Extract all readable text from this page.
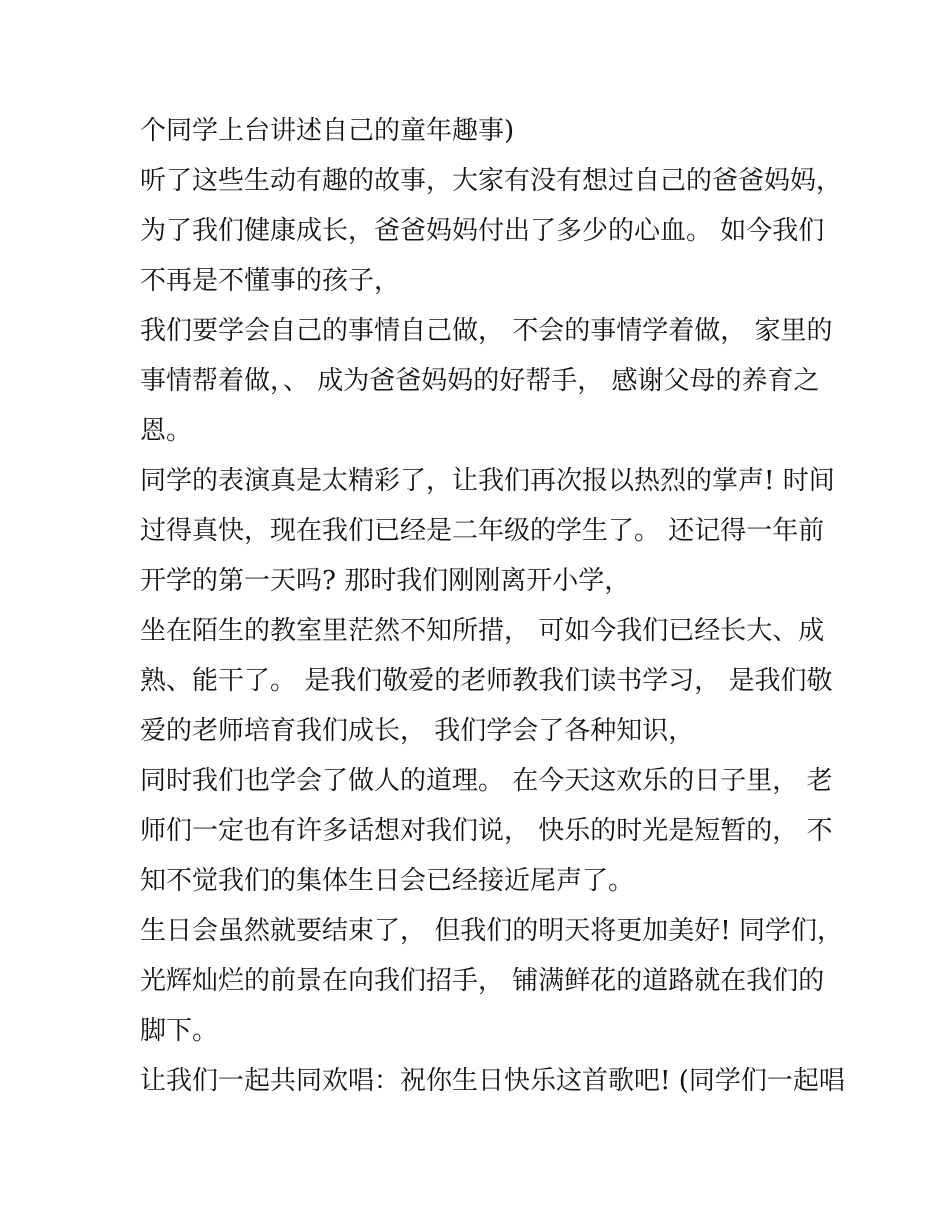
个同学上台讲述自己的童年趣事)
听了这些生动有趣的故事，大家有没有想过自己的爸爸妈妈，
为了我们健康成长，爸爸妈妈付出了多少的心血。 如今我们
不再是不懂事的孩子，
我们要学会自己的事情自己做， 不会的事情学着做， 家里的
事情帮着做，、 成为爸爸妈妈的好帮手， 感谢父母的养育之
恩。
同学的表演真是太精彩了，让我们再次报以热烈的掌声! 时间
过得真快，现在我们已经是二年级的学生了。 还记得一年前
开学的第一天吗? 那时我们刚刚离开小学，
坐在陌生的教室里茫然不知所措， 可如今我们已经长大、成
熟、能干了。 是我们敬爱的老师教我们读书学习， 是我们敬
爱的老师培育我们成长， 我们学会了各种知识，
同时我们也学会了做人的道理。 在今天这欢乐的日子里， 老
师们一定也有许多话想对我们说， 快乐的时光是短暂的， 不
知不觉我们的集体生日会已经接近尾声了。
生日会虽然就要结束了， 但我们的明天将更加美好! 同学们，
光辉灿烂的前景在向我们招手， 铺满鲜花的道路就在我们的
脚下。
让我们一起共同欢唱：祝你生日快乐这首歌吧! (同学们一起唱
